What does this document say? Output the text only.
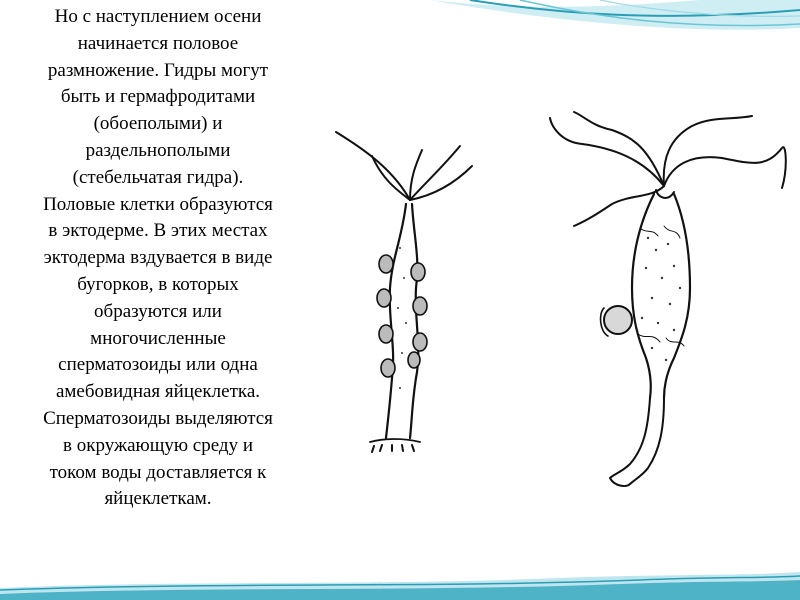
Но с наступлением осени
начинается половое
размножение. Гидры могут
быть и гермафродитами
(обоеполыми) и
раздельнополыми
(стебельчатая гидра).
Половые клетки образуются
в эктодерме. В этих местах
эктодерма вздувается в виде
бугорков, в которых
образуются или
многочисленные
сперматозоиды или одна
амебовидная яйцеклетка.
Сперматозоиды выделяются
в окружающую среду и
током воды доставляется к
яйцеклеткам.
